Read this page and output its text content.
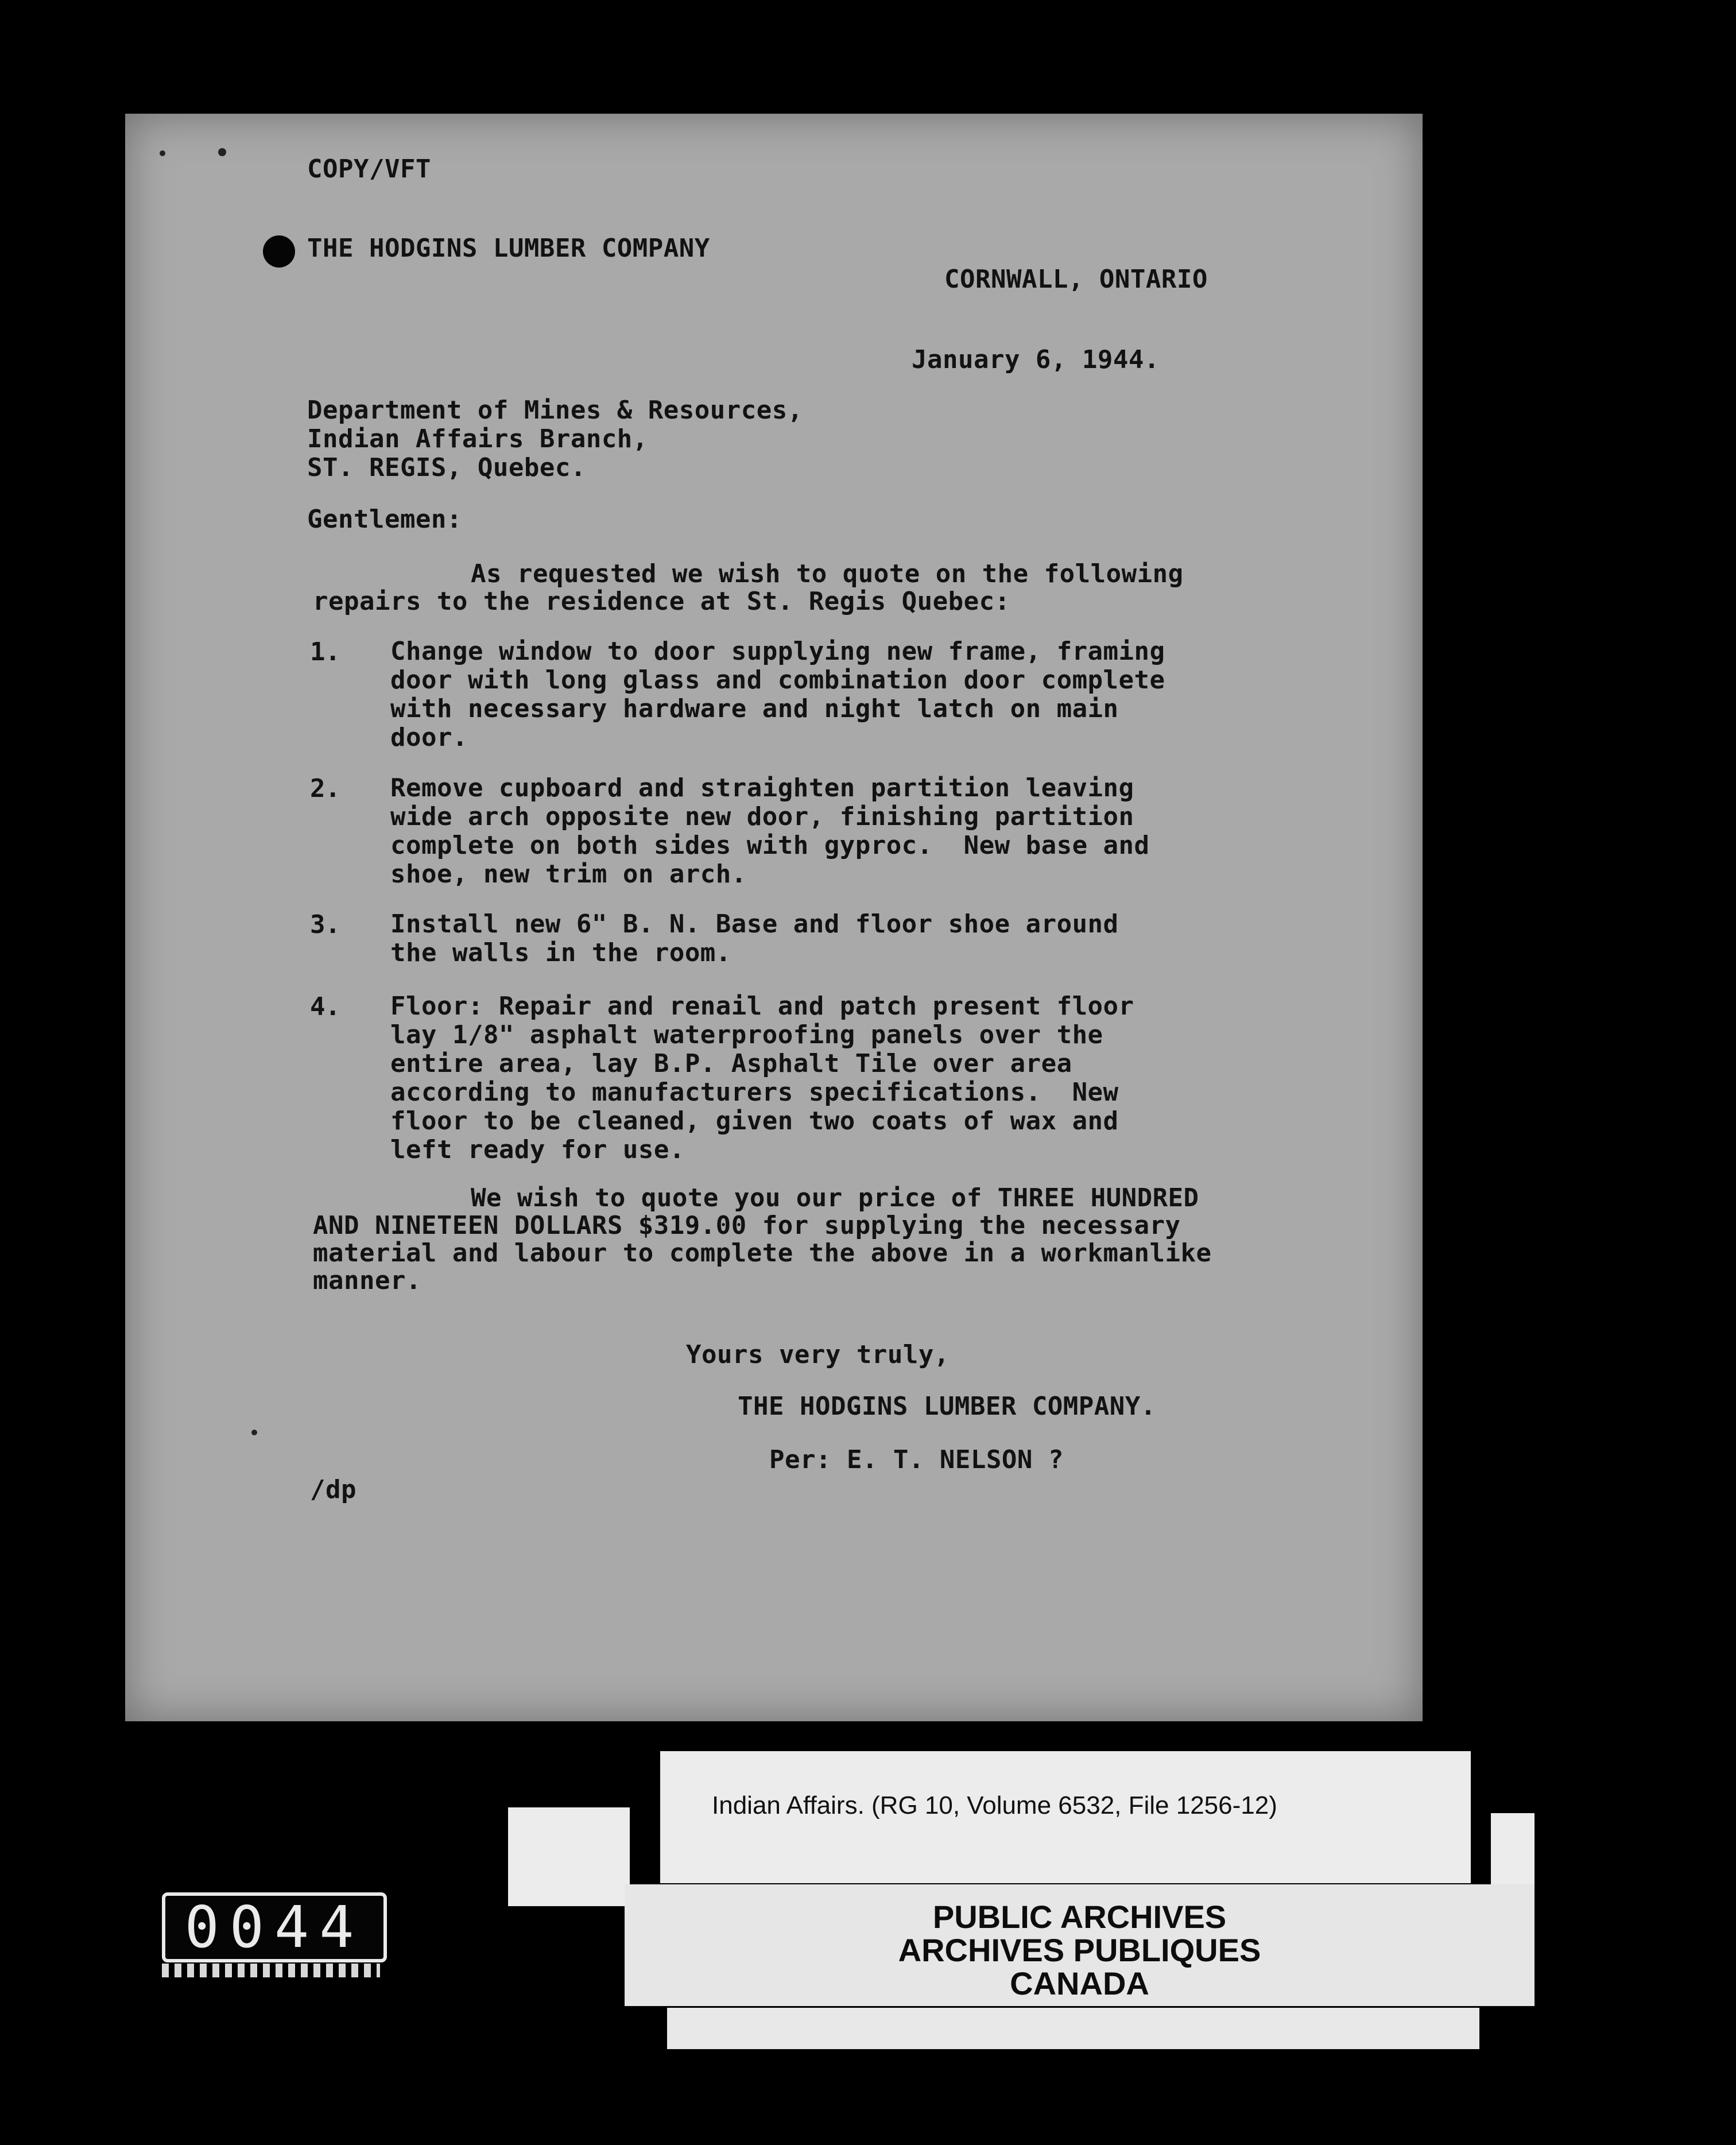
COPY/VFT
THE HODGINS LUMBER COMPANY
CORNWALL, ONTARIO
January 6, 1944.
Department of Mines & Resources,
Indian Affairs Branch,
ST. REGIS, Quebec.
Gentlemen:
As requested we wish to quote on the following
repairs to the residence at St. Regis Quebec:
1. Change window to door supplying new frame, framing
door with long glass and combination door complete
with necessary hardware and night latch on main
door.
2. Remove cupboard and straighten partition leaving
wide arch opposite new door, finishing partition
complete on both sides with gyproc.  New base and
shoe, new trim on arch.
3. Install new 6" B. N. Base and floor shoe around
the walls in the room.
4. Floor: Repair and renail and patch present floor
lay 1/8" asphalt waterproofing panels over the
entire area, lay B.P. Asphalt Tile over area
according to manufacturers specifications.  New
floor to be cleaned, given two coats of wax and
left ready for use.
We wish to quote you our price of THREE HUNDRED
AND NINETEEN DOLLARS $319.00 for supplying the necessary
material and labour to complete the above in a workmanlike
manner.
Yours very truly,
THE HODGINS LUMBER COMPANY.
Per: E. T. NELSON ?
/dp
Indian Affairs. (RG 10, Volume 6532, File 1256-12)
PUBLIC ARCHIVES
ARCHIVES PUBLIQUES
CANADA
0044
